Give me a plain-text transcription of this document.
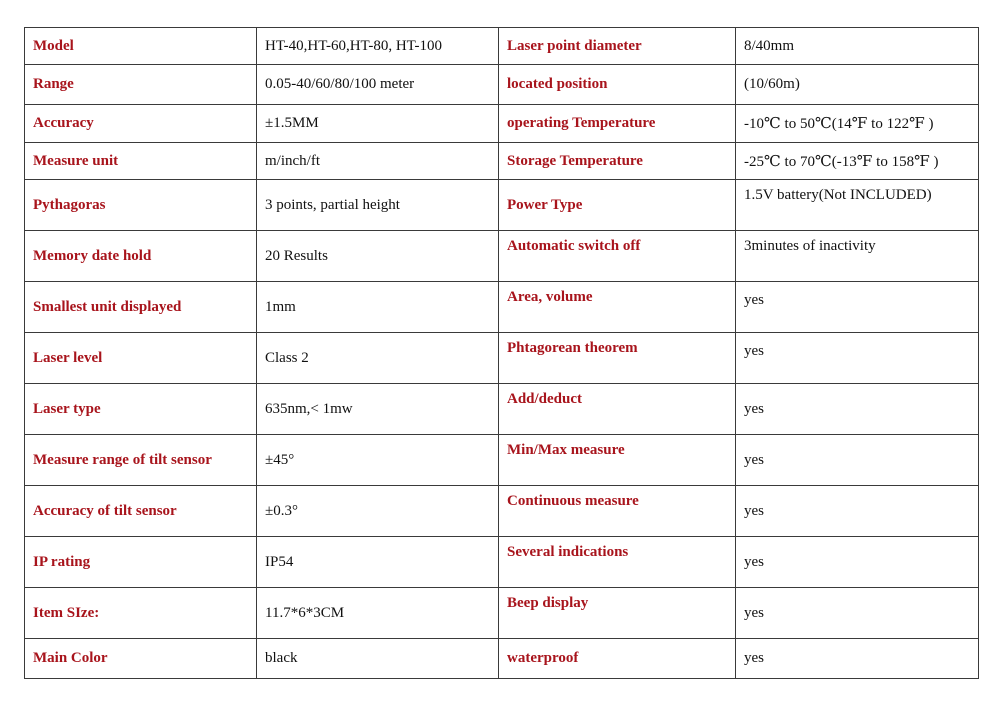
Model	HT-40,HT-60,HT-80, HT-100	Laser point diameter	8/40mm
Range	0.05-40/60/80/100 meter	located position	(10/60m)
Accuracy	±1.5MM	operating Temperature	-10℃ to 50℃(14℉ to 122℉ )
Measure unit	m/inch/ft	Storage Temperature	-25℃ to 70℃(-13℉ to 158℉ )
Pythagoras	3 points, partial height	Power Type	1.5V battery(Not INCLUDED)
Memory date hold	20 Results	Automatic switch off	3minutes of inactivity
Smallest unit displayed	1mm	Area, volume	yes
Laser level	Class 2	Phtagorean theorem	yes
Laser type	635nm,< 1mw	Add/deduct	yes
Measure range of tilt sensor	±45°	Min/Max measure	yes
Accuracy of tilt sensor	±0.3°	Continuous measure	yes
IP rating	IP54	Several indications	yes
Item SIze:	11.7*6*3CM	Beep display	yes
Main Color	black	waterproof	yes
